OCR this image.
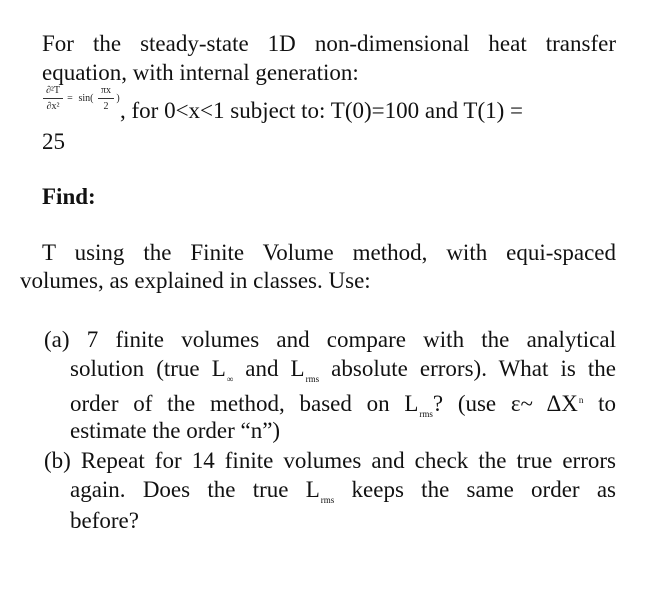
For the steady-state 1D non-dimensional heat transfer
equation, with internal generation:
∂²T
∂x²
= sin(
πx
2
) , for 0<x<1 subject to: T(0)=100 and T(1) =
25
Find:
T using the Finite Volume method, with equi-spaced
volumes, as explained in classes. Use:
(a) 7 finite volumes and compare with the analytical
solution (true $L_\infty$ and $L_{rms}$ absolute errors). What is the
order of the method, based on $L_{rms}$? (use ε~ $\Delta X^n$ to
estimate the order “n”)
(b) Repeat for 14 finite volumes and check the true errors
again. Does the true $L_{rms}$ keeps the same order as
before?
